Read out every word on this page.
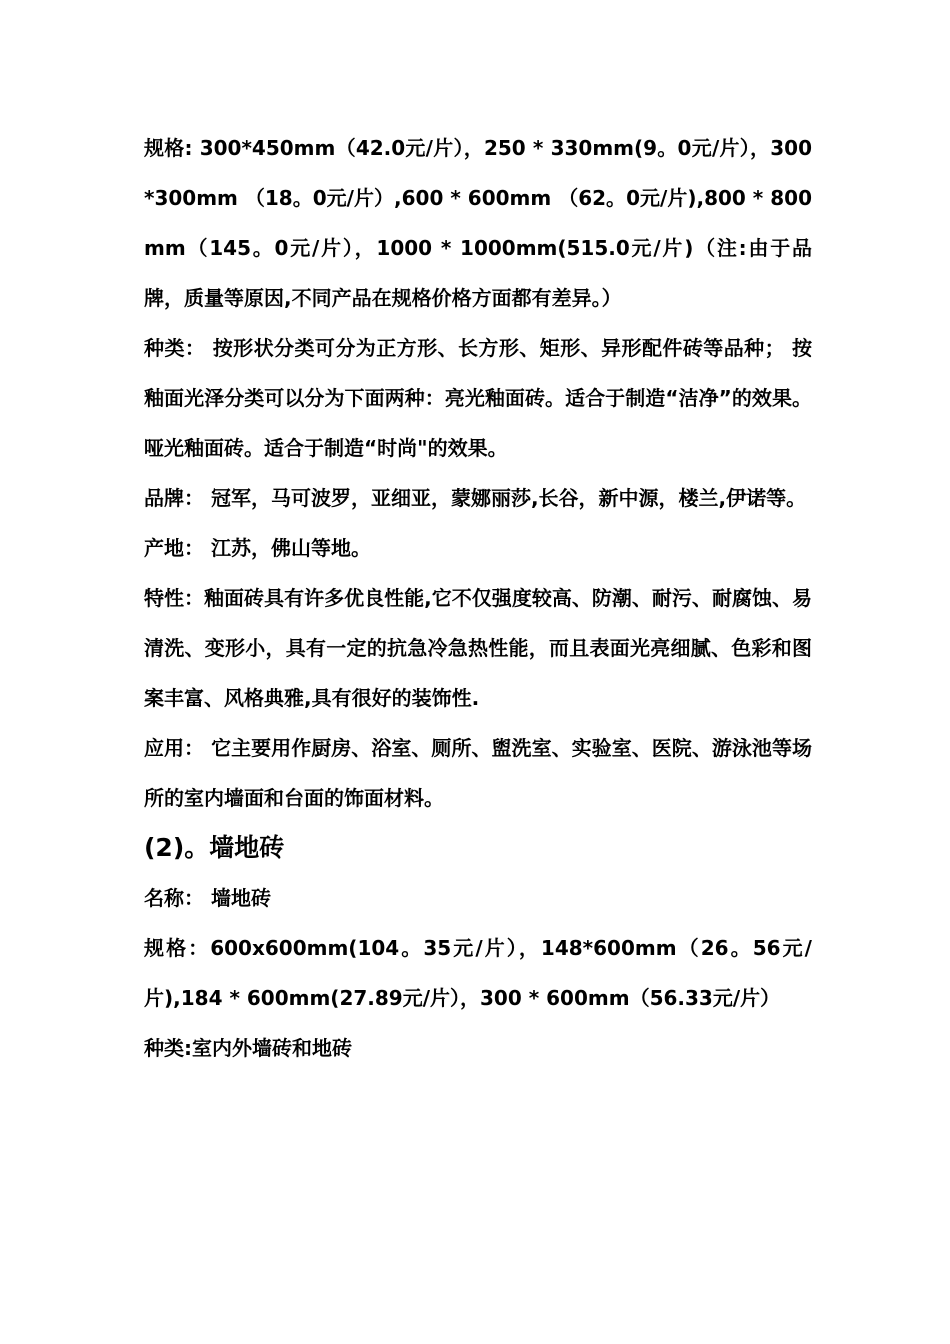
规格: 300*450mm（42.0元/片），250 * 330mm(9。0元/片），300*300mm （18。0元/片）,600 * 600mm （62。0元/片),800 * 800mm（145。0元/片），1000 * 1000mm(515.0元/片)（注:由于品牌，质量等原因,不同产品在规格价格方面都有差异。）

种类： 按形状分类可分为正方形、长方形、矩形、异形配件砖等品种； 按釉面光泽分类可以分为下面两种：亮光釉面砖。适合于制造“洁净”的效果。哑光釉面砖。适合于制造“时尚"的效果。

品牌： 冠军，马可波罗，亚细亚，蒙娜丽莎,长谷，新中源，楼兰,伊诺等。

产地： 江苏，佛山等地。

特性：釉面砖具有许多优良性能,它不仅强度较高、防潮、耐污、耐腐蚀、易清洗、变形小，具有一定的抗急冷急热性能，而且表面光亮细腻、色彩和图案丰富、风格典雅,具有很好的装饰性.

应用： 它主要用作厨房、浴室、厕所、盥洗室、实验室、医院、游泳池等场所的室内墙面和台面的饰面材料。

(2)。墙地砖

名称： 墙地砖

规格：600x600mm(104。35元/片），148*600mm（26。56元/片),184 * 600mm(27.89元/片），300 * 600mm（56.33元/片）

种类:室内外墙砖和地砖
